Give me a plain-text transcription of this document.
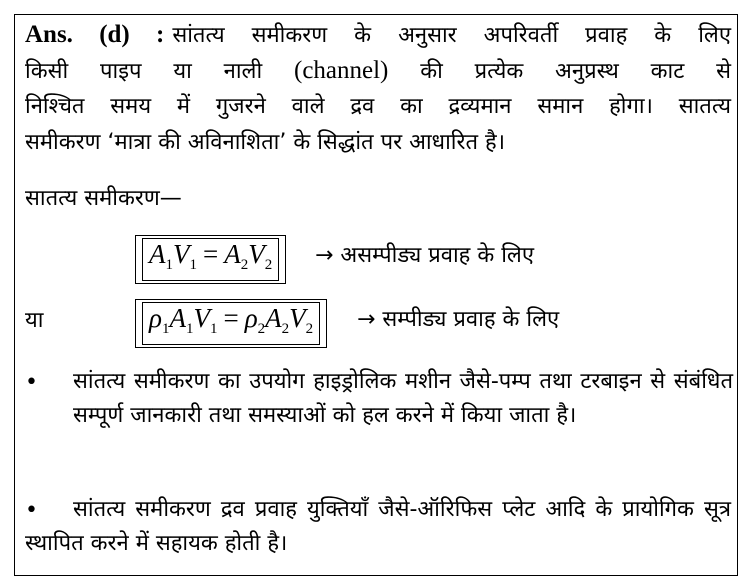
Ans. (d) : सांतत्य समीकरण के अनुसार अपरिवर्ती प्रवाह के लिए
किसी पाइप या नाली (channel) की प्रत्येक अनुप्रस्थ काट से
निश्चित समय में गुजरने वाले द्रव का द्रव्यमान समान होगा। सातत्य
समीकरण ‘मात्रा की अविनाशिता’ के सिद्धांत पर आधारित है।
सातत्य समीकरण—
$A_1V_1 = A_2V_2$	→ असम्पीड्य प्रवाह के लिए
या	$\rho_1A_1V_1 = \rho_2A_2V_2$	→ सम्पीड्य प्रवाह के लिए
• सांतत्य समीकरण का उपयोग हाइड्रोलिक मशीन जैसे-पम्प तथा टरबाइन से संबंधित सम्पूर्ण जानकारी तथा समस्याओं को हल करने में किया जाता है।
•	सांतत्य समीकरण द्रव प्रवाह युक्तियाँ जैसे-ऑरिफिस प्लेट आदि के प्रायोगिक सूत्र स्थापित करने में सहायक होती है।
